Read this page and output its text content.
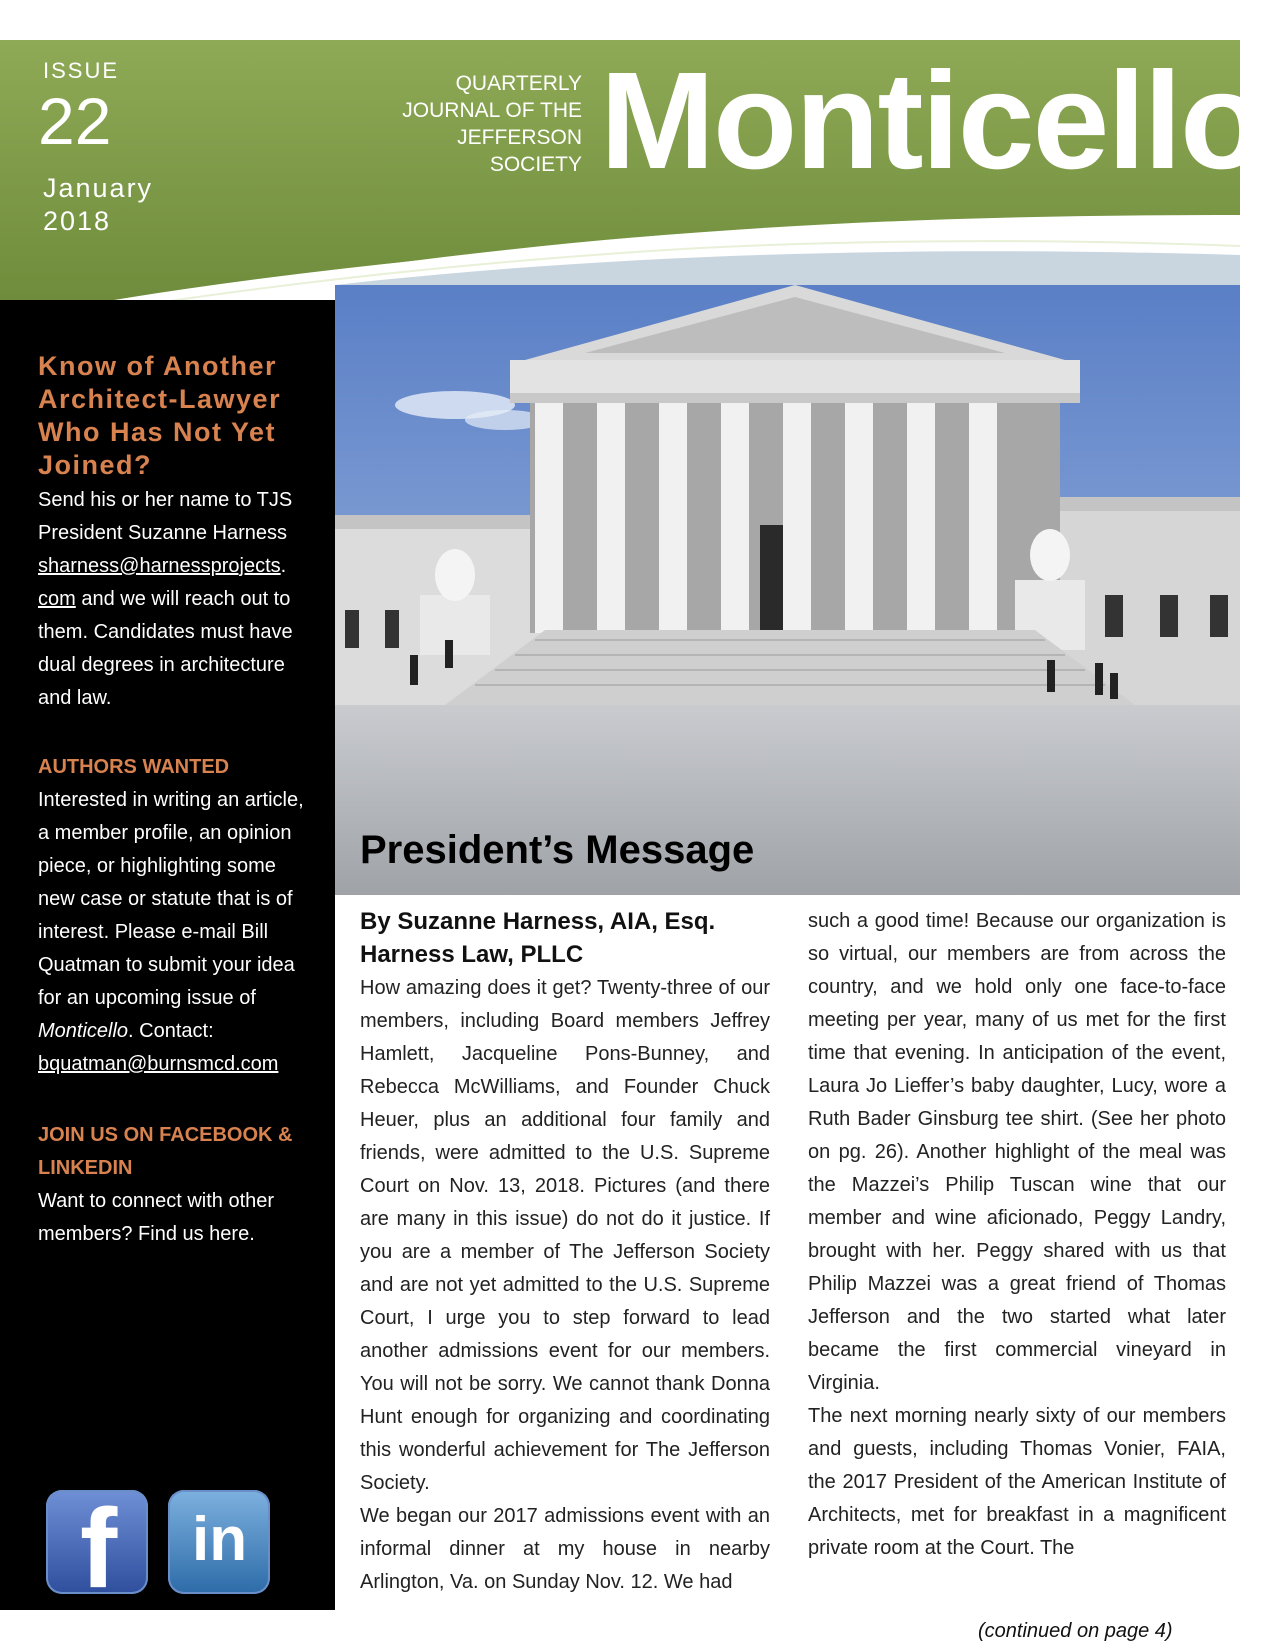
ISSUE
22
January
2018
QUARTERLY
JOURNAL OF THE
JEFFERSON
SOCIETY Monticello
Know of Another Architect-Lawyer Who Has Not Yet Joined?
Send his or her name to TJS President Suzanne Harness sharness@harnessprojects. com and we will reach out to them. Candidates must have dual degrees in architecture and law.
AUTHORS WANTED
Interested in writing an article, a member profile, an opinion piece, or highlighting some new case or statute that is of interest. Please e-mail Bill Quatman to submit your idea for an upcoming issue of Monticello. Contact: bquatman@burnsmcd.com
JOIN US ON FACEBOOK & LINKEDIN
Want to connect with other members? Find us here.
f in
President’s Message
By Suzanne Harness, AIA, Esq.
Harness Law, PLLC

How amazing does it get? Twenty-three of our members, including Board members Jeffrey Hamlett, Jacqueline Pons-Bunney, and Rebecca McWilliams, and Founder Chuck Heuer, plus an additional four family and friends, were admitted to the U.S. Supreme Court on Nov. 13, 2018. Pictures (and there are many in this issue) do not do it justice. If you are a member of The Jefferson Society and are not yet admitted to the U.S. Supreme Court, I urge you to step forward to lead another admissions event for our members. You will not be sorry. We cannot thank Donna Hunt enough for organizing and coordinating this wonderful achievement for The Jefferson Society.

We began our 2017 admissions event with an informal dinner at my house in nearby Arlington, Va. on Sunday Nov. 12. We had

such a good time! Because our organization is so virtual, our members are from across the country, and we hold only one face-to-face meeting per year, many of us met for the first time that evening. In anticipation of the event, Laura Jo Lieffer’s baby daughter, Lucy, wore a Ruth Bader Ginsburg tee shirt. (See her photo on pg. 26). Another highlight of the meal was the Mazzei’s Philip Tuscan wine that our member and wine aficionado, Peggy Landry, brought with her. Peggy shared with us that Philip Mazzei was a great friend of Thomas Jefferson and the two started what later became the first commercial vineyard in Virginia.

The next morning nearly sixty of our members and guests, including Thomas Vonier, FAIA, the 2017 President of the American Institute of Architects, met for breakfast in a magnificent private room at the Court. The

(continued on page 4)
